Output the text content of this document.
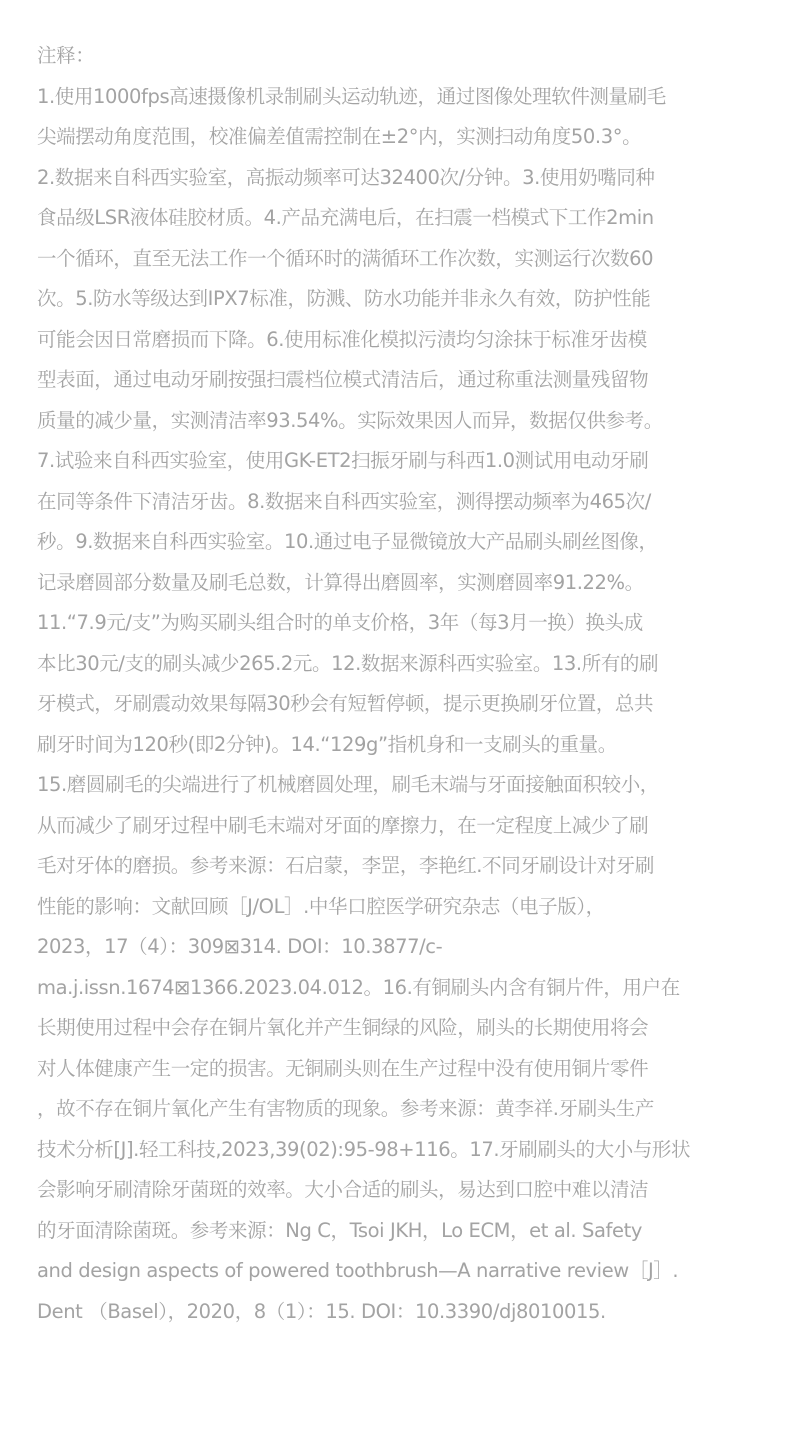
注释：
1.使用1000fps高速摄像机录制刷头运动轨迹，通过图像处理软件测量刷毛
尖端摆动角度范围，校准偏差值需控制在±2°内，实测扫动角度50.3°。
2.数据来自科西实验室，高振动频率可达32400次/分钟。3.使用奶嘴同种
食品级LSR液体硅胶材质。4.产品充满电后，在扫震一档模式下工作2min
一个循环，直至无法工作一个循环时的满循环工作次数，实测运行次数60
次。5.防水等级达到IPX7标准，防溅、防水功能并非永久有效，防护性能
可能会因日常磨损而下降。6.使用标准化模拟污渍均匀涂抹于标准牙齿模
型表面，通过电动牙刷按强扫震档位模式清洁后，通过称重法测量残留物
质量的减少量，实测清洁率93.54%。实际效果因人而异，数据仅供参考。
7.试验来自科西实验室，使用GK-ET2扫振牙刷与科西1.0测试用电动牙刷
在同等条件下清洁牙齿。8.数据来自科西实验室，测得摆动频率为465次/
秒。9.数据来自科西实验室。10.通过电子显微镜放大产品刷头刷丝图像，
记录磨圆部分数量及刷毛总数，计算得出磨圆率，实测磨圆率91.22%。
11.“7.9元/支”为购买刷头组合时的单支价格，3年（每3月一换）换头成
本比30元/支的刷头减少265.2元。12.数据来源科西实验室。13.所有的刷
牙模式，牙刷震动效果每隔30秒会有短暂停顿，提示更换刷牙位置，总共
刷牙时间为120秒(即2分钟)。14.“129g”指机身和一支刷头的重量。
15.磨圆刷毛的尖端进行了机械磨圆处理，刷毛末端与牙面接触面积较小，
从而减少了刷牙过程中刷毛末端对牙面的摩擦力，在一定程度上减少了刷
毛对牙体的磨损。参考来源：石启蒙，李罡，李艳红.不同牙刷设计对牙刷
性能的影响：文献回顾［J/OL］.中华口腔医学研究杂志（电子版），
2023，17（4）：309⊠314. DOI：10.3877/c-
ma.j.issn.1674⊠1366.2023.04.012。16.有铜刷头内含有铜片件，用户在
长期使用过程中会存在铜片氧化并产生铜绿的风险，刷头的长期使用将会
对人体健康产生一定的损害。无铜刷头则在生产过程中没有使用铜片零件
，故不存在铜片氧化产生有害物质的现象。参考来源：黄李祥.牙刷头生产
技术分析[J].轻工科技,2023,39(02):95-98+116。17.牙刷刷头的大小与形状
会影响牙刷清除牙菌斑的效率。大小合适的刷头，易达到口腔中难以清洁
的牙面清除菌斑。参考来源：Ng C，Tsoi JKH，Lo ECM，et al. Safety
and design aspects of powered toothbrush—A narrative review［J］.
Dent （Basel），2020，8（1）：15. DOI：10.3390/dj8010015.
